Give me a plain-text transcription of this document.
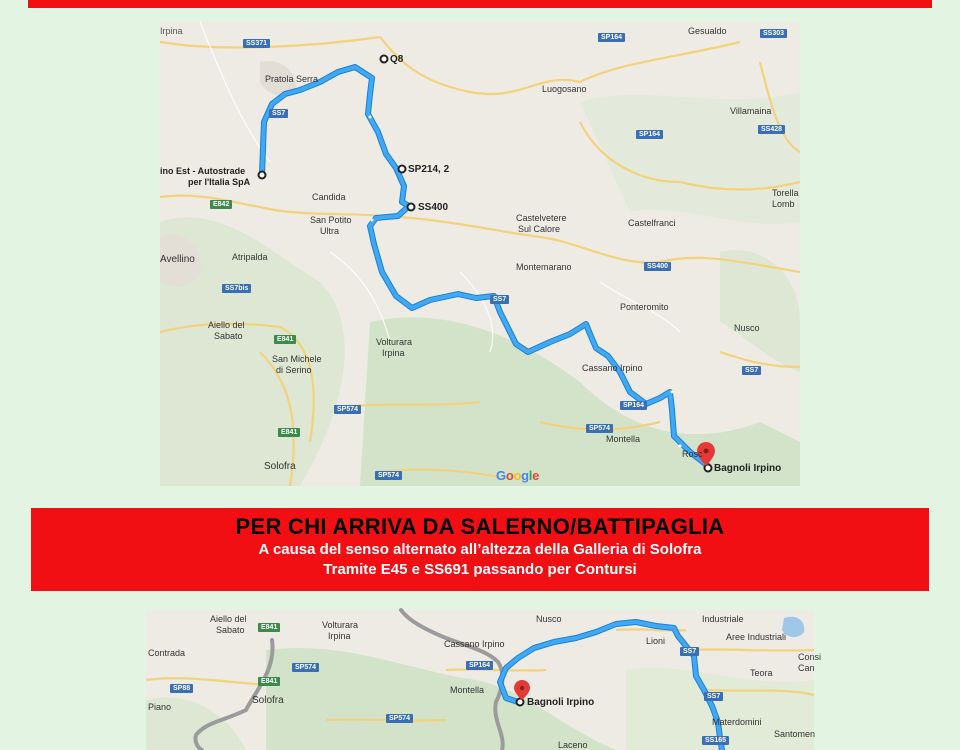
Q8
SP214, 2
SS400
ino Est - Autostrade
per l'Italia SpA
Bagnoli Irpino
Irpina
Pratola Serra
Gesualdo
Luogosano
Villamaina
Candida
San Potito
Ultra
Castelvetere
Sul Calore
Castelfranci
Torella
Lomb
Avellino	Atripalda
Montemarano
Ponteromito
Aiello del
Sabato
Nusco
Volturara
Irpina
San Michele
di Serino	Cassano Irpino
Montella
Solofra
Rosc
SS371
SP164
SS303
SS7
SP164
SS428
E842
SS400
SS7
SS7bis
E841
SS7
SP164
SP574
SP574
E841
SP574	Google
PER CHI ARRIVA DA SALERNO/BATTIPAGLIA
A causa del senso alternato all’altezza della Galleria di Solofra
Tramite E45 e SS691 passando per Contursi
Bagnoli Irpino
Aiello del
Sabato	Volturara
Irpina
Nusco	Industriale
Aree Industriali
Lioni
Cassano Irpino
Contrada
Montella
Solofra
Piano
Teora
Consi
Can
Materdomini
Santomen
Laceno
E841
SP574	SP164
SS7
SP88
E841
SP574
SS7
SS165
